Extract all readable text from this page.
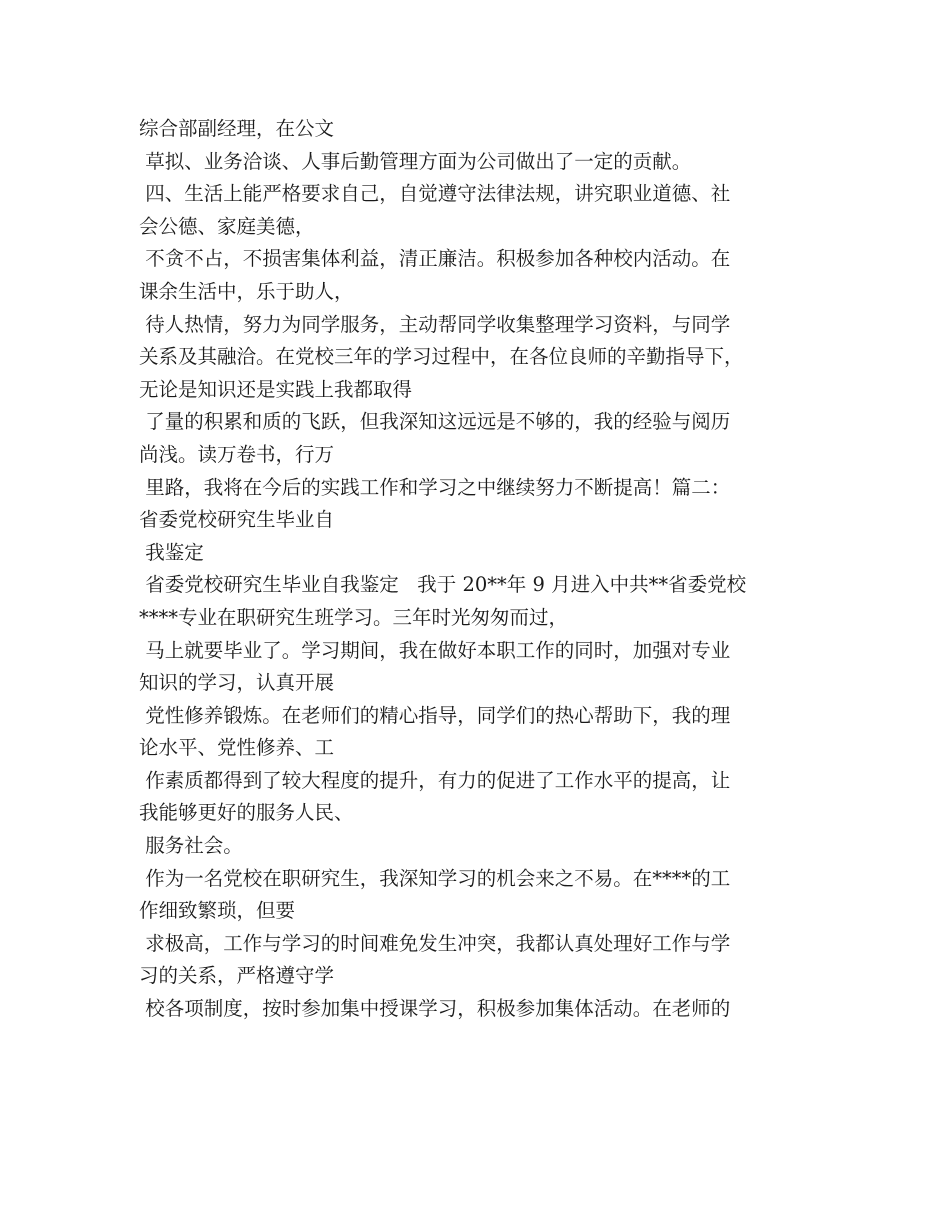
综合部副经理，在公文
草拟、业务洽谈、人事后勤管理方面为公司做出了一定的贡献。
四、生活上能严格要求自己，自觉遵守法律法规，讲究职业道德、社
会公德、家庭美德，
不贪不占，不损害集体利益，清正廉洁。积极参加各种校内活动。在
课余生活中，乐于助人，
待人热情，努力为同学服务，主动帮同学收集整理学习资料，与同学
关系及其融洽。在党校三年的学习过程中，在各位良师的辛勤指导下，
无论是知识还是实践上我都取得
了量的积累和质的飞跃，但我深知这远远是不够的，我的经验与阅历
尚浅。读万卷书，行万
里路，我将在今后的实践工作和学习之中继续努力不断提高！篇二：
省委党校研究生毕业自
我鉴定
省委党校研究生毕业自我鉴定   我于 20**年 9 月进入中共**省委党校
****专业在职研究生班学习。三年时光匆匆而过，
马上就要毕业了。学习期间，我在做好本职工作的同时，加强对专业
知识的学习，认真开展
党性修养锻炼。在老师们的精心指导，同学们的热心帮助下，我的理
论水平、党性修养、工
作素质都得到了较大程度的提升，有力的促进了工作水平的提高，让
我能够更好的服务人民、
服务社会。
作为一名党校在职研究生，我深知学习的机会来之不易。在****的工
作细致繁琐，但要
求极高，工作与学习的时间难免发生冲突，我都认真处理好工作与学
习的关系，严格遵守学
校各项制度，按时参加集中授课学习，积极参加集体活动。在老师的
